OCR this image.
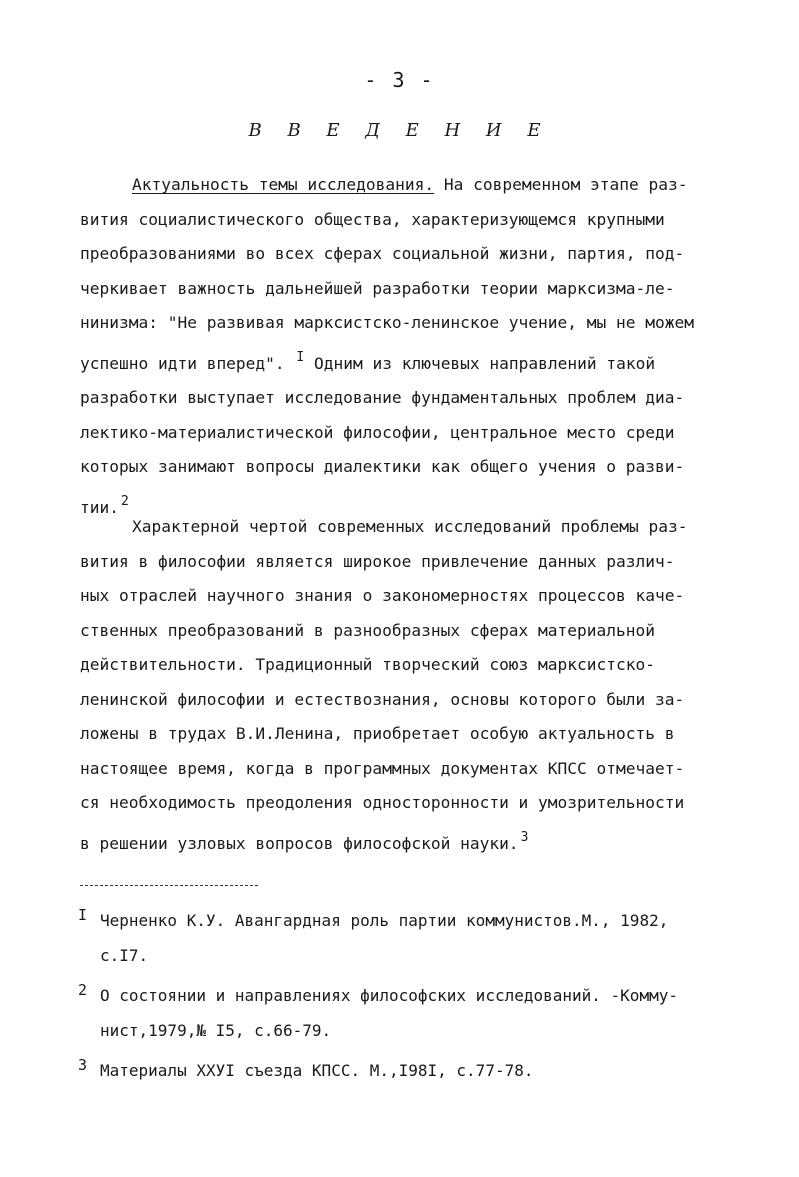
- 3 -
В В Е Д Е Н И Е
Актуальность темы исследования. На современном этапе раз-
вития социалистического общества, характеризующемся крупными
преобразованиями во всех сферах социальной жизни, партия, под-
черкивает важность дальнейшей разработки теории марксизма-ле-
нинизма: "Не развивая марксистско-ленинское учение, мы не можем
успешно идти вперед". $^I$ Одним из ключевых направлений такой
разработки выступает исследование фундаментальных проблем диа-
лектико-материалистической философии, центральное место среди
которых занимают вопросы диалектики как общего учения о разви-
тии. $^2$
Характерной чертой современных исследований проблемы раз-
вития в философии является широкое привлечение данных различ-
ных отраслей научного знания о закономерностях процессов каче-
ственных преобразований в разнообразных сферах материальной
действительности. Традиционный творческий союз марксистско-
ленинской философии и естествознания, основы которого были за-
ложены в трудах В.И.Ленина, приобретает особую актуальность в
настоящее время, когда в программных документах КПСС отмечает-
ся необходимость преодоления односторонности и умозрительности
в решении узловых вопросов философской науки. $^3$
I Черненко К.У. Авангардная роль партии коммунистов.М., 1982,
с.I7.
2 О состоянии и направлениях философских исследований. -Комму-
нист,1979,№ I5, с.66-79.
3 Материалы XXУI съезда КПСС. М.,I98I, с.77-78.
